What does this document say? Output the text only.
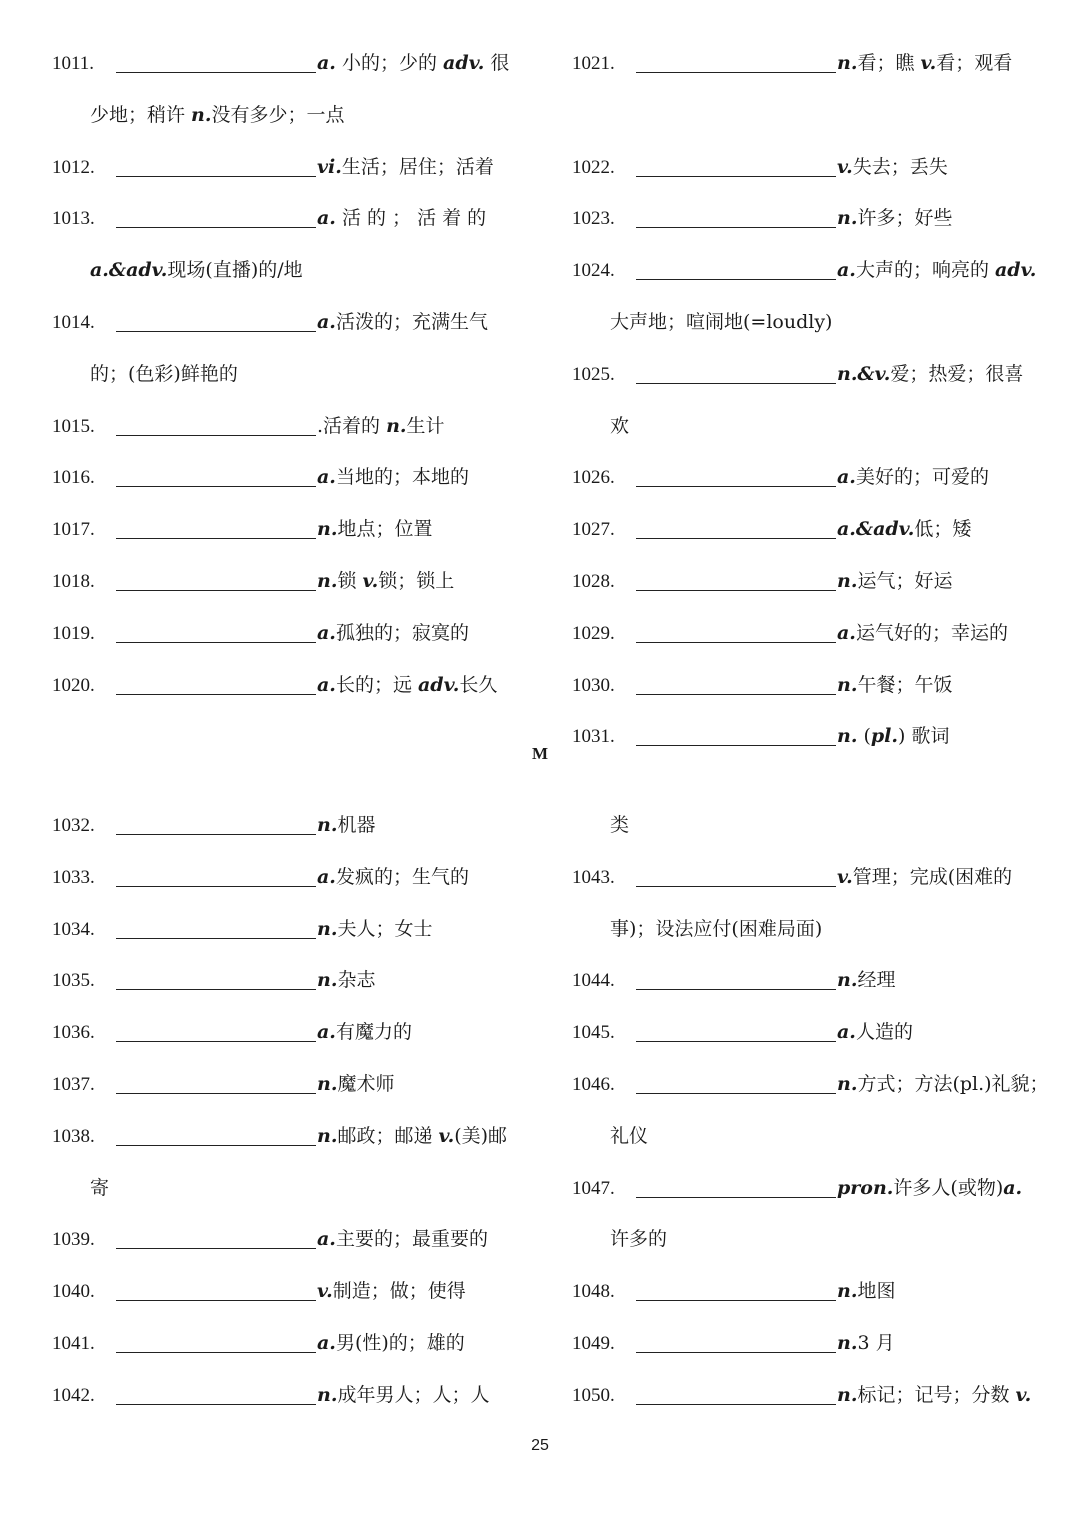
1011.	a. 小的；少的 adv. 很
少地；稍许 n.没有多少；一点
1012.	vi.生活；居住；活着
1013.	a. 活 的 ； 活 着 的
a.&adv.现场(直播)的/地
1014.	a.活泼的；充满生气
的；(色彩)鲜艳的
1015.	.活着的 n.生计
1016.	a.当地的；本地的
1017.	n.地点；位置
1018.	n.锁 v.锁；锁上
1019.	a.孤独的；寂寞的
1020.	a.长的；远 adv.长久
1021.	n.看；瞧 v.看；观看
1022.	v.失去；丢失
1023.	n.许多；好些
1024.	a.大声的；响亮的 adv.
大声地；喧闹地(=loudly)
1025.	n.&v.爱；热爱；很喜
欢
1026.	a.美好的；可爱的
1027.	a.&adv.低；矮
1028.	n.运气；好运
1029.	a.运气好的；幸运的
1030.	n.午餐；午饭
1031.	n. (pl.) 歌词
M
1032.	n.机器
1033.	a.发疯的；生气的
1034.	n.夫人；女士
1035.	n.杂志
1036.	a.有魔力的
1037.	n.魔术师
1038.	n.邮政；邮递 v.(美)邮
寄
1039.	a.主要的；最重要的
1040.	v.制造；做；使得
1041.	a.男(性)的；雄的
1042.	n.成年男人；人；人
类
1043.	v.管理；完成(困难的
事)；设法应付(困难局面)
1044.	n.经理
1045.	a.人造的
1046.	n.方式；方法(pl.)礼貌；
礼仪
1047.	pron.许多人(或物)a.
许多的
1048.	n.地图
1049.	n.3 月
1050.	n.标记；记号；分数 v.
25
